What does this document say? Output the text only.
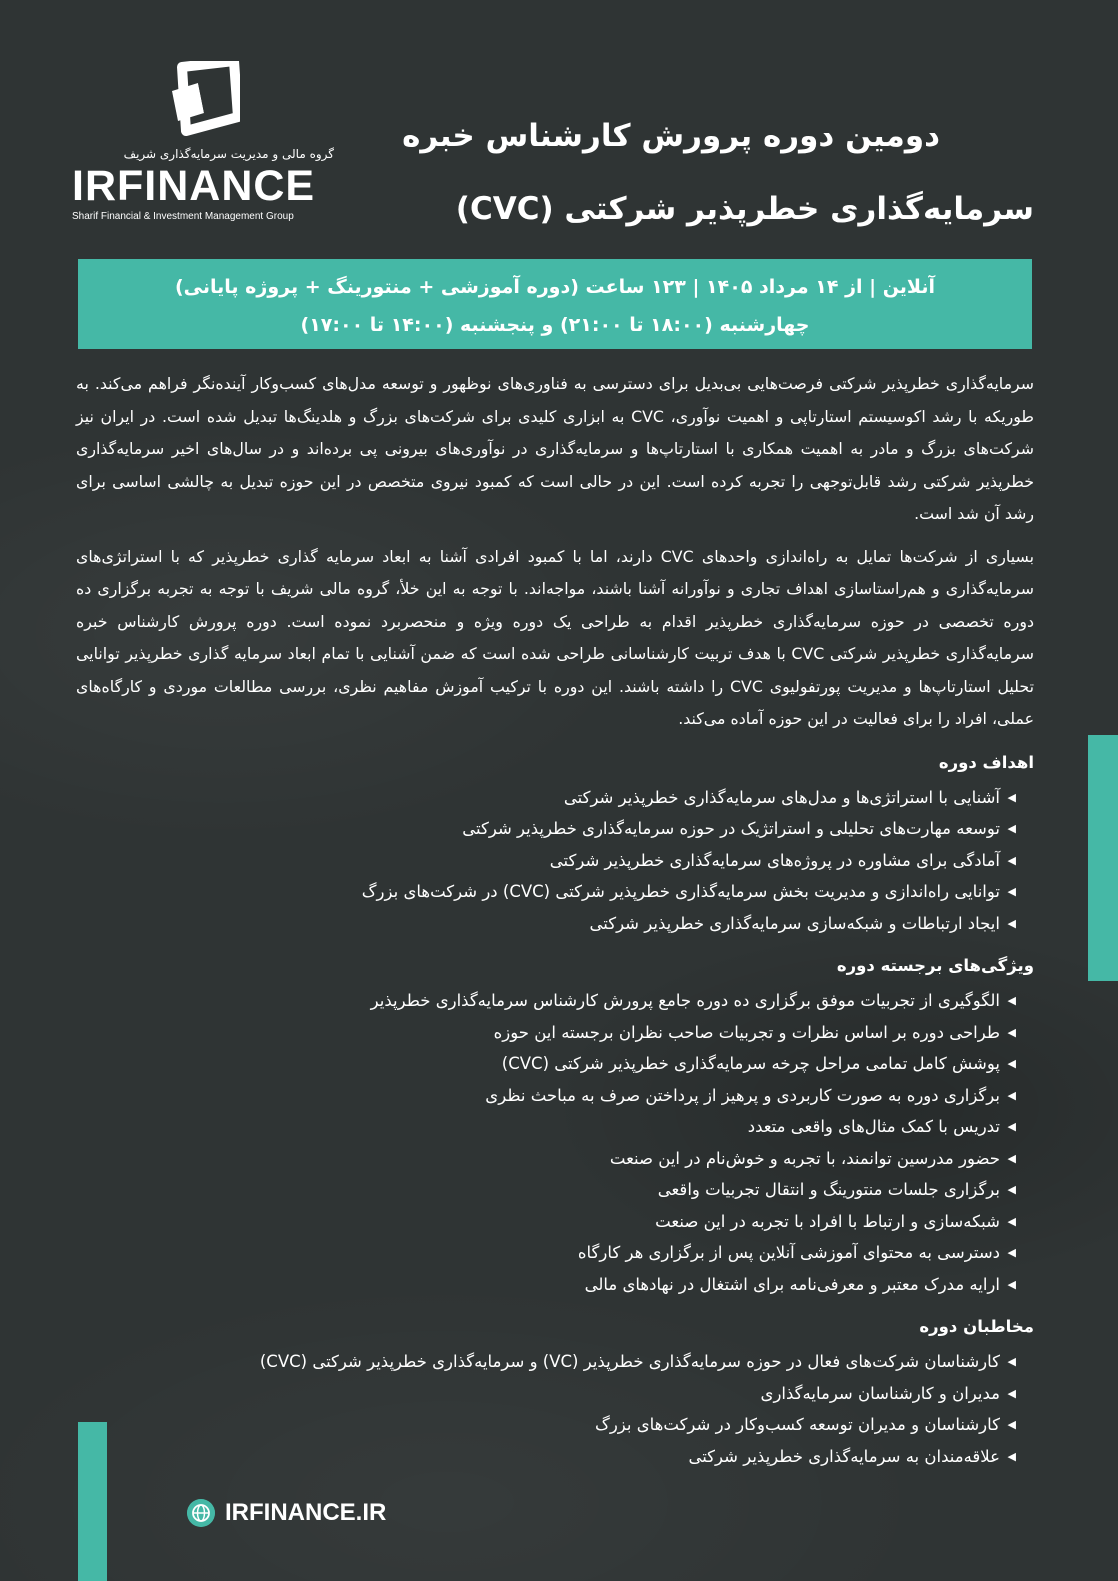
گروه مالی و مدیریت سرمایه‌گذاری شریف
IRFINANCE
Sharif Financial & Investment Management Group
دومین دوره پرورش کارشناس خبره
سرمایه‌گذاری خطرپذیر شرکتی (CVC)
آنلاین | از ۱۴ مرداد ۱۴۰۵ | ۱۲۳ ساعت (دوره آموزشی + منتورینگ + پروژه پایانی)
چهارشنبه (۱۸:۰۰ تا ۲۱:۰۰) و پنجشنبه (۱۴:۰۰ تا ۱۷:۰۰)

سرمایه‌گذاری خطرپذیر شرکتی فرصت‌هایی بی‌بدیل برای دسترسی به فناوری‌های نوظهور و توسعه مدل‌های کسب‌وکار آینده‌نگر فراهم می‌کند. به طوریکه با رشد اکوسیستم استارتاپی و اهمیت نوآوری، CVC به ابزاری کلیدی برای شرکت‌های بزرگ و هلدینگ‌ها تبدیل شده است. در ایران نیز شرکت‌های بزرگ و مادر به اهمیت همکاری با استارتاپ‌ها و سرمایه‌گذاری در نوآوری‌های بیرونی پی برده‌اند و در سال‌های اخیر سرمایه‌گذاری خطرپذیر شرکتی رشد قابل‌توجهی را تجربه کرده است. این در حالی است که کمبود نیروی متخصص در این حوزه تبدیل به چالشی اساسی برای رشد آن شد است.

بسیاری از شرکت‌ها تمایل به راه‌اندازی واحدهای CVC دارند، اما با کمبود افرادی آشنا به ابعاد سرمایه گذاری خطرپذیر که با استراتژی‌های سرمایه‌گذاری و هم‌راستاسازی اهداف تجاری و نوآورانه آشنا باشند، مواجه‌اند. با توجه به این خلأ، گروه مالی شریف با توجه به تجربه برگزاری ده دوره تخصصی در حوزه سرمایه‌گذاری خطرپذیر اقدام به طراحی یک دوره ویژه و منحصربرد نموده است. دوره پرورش کارشناس خبره سرمایه‌گذاری خطرپذیر شرکتی CVC با هدف تربیت کارشناسانی طراحی شده است که ضمن آشنایی با تمام ابعاد سرمایه گذاری خطرپذیر توانایی تحلیل استارتاپ‌ها و مدیریت پورتفولیوی CVC را داشته باشند. این دوره با ترکیب آموزش مفاهیم نظری، بررسی مطالعات موردی و کارگاه‌های عملی، افراد را برای فعالیت در این حوزه آماده می‌کند.

اهداف دوره
◀
آشنایی با استراتژی‌ها و مدل‌های سرمایه‌گذاری خطرپذیر شرکتی
◀
توسعه مهارت‌های تحلیلی و استراتژیک در حوزه سرمایه‌گذاری خطرپذیر شرکتی
◀
آمادگی برای مشاوره در پروژه‌های سرمایه‌گذاری خطرپذیر شرکتی
◀
توانایی راه‌اندازی و مدیریت بخش سرمایه‌گذاری خطرپذیر شرکتی (CVC) در شرکت‌های بزرگ
◀
ایجاد ارتباطات و شبکه‌سازی سرمایه‌گذاری خطرپذیر شرکتی
ویژگی‌های برجسته دوره
◀
الگوگیری از تجربیات موفق برگزاری ده دوره جامع پرورش کارشناس سرمایه‌گذاری خطرپذیر
◀
طراحی دوره بر اساس نظرات و تجربیات صاحب نظران برجسته این حوزه
◀
پوشش کامل تمامی مراحل چرخه سرمایه‌گذاری خطرپذیر شرکتی (CVC)
◀
برگزاری دوره به صورت کاربردی و پرهیز از پرداختن صرف به مباحث نظری
◀
تدریس با کمک مثال‌های واقعی متعدد
◀
حضور مدرسین توانمند، با تجربه و خوش‌نام در این صنعت
◀
برگزاری جلسات منتورینگ و انتقال تجربیات واقعی
◀
شبکه‌سازی و ارتباط با افراد با تجربه در این صنعت
◀
دسترسی به محتوای آموزشی آنلاین پس از برگزاری هر کارگاه
◀
ارایه مدرک معتبر و معرفی‌نامه برای اشتغال در نهادهای مالی
مخاطبان دوره
◀
کارشناسان شرکت‌های فعال در حوزه سرمایه‌گذاری خطرپذیر (VC) و سرمایه‌گذاری خطرپذیر شرکتی (CVC)
◀
مدیران و کارشناسان سرمایه‌گذاری
◀
کارشناسان و مدیران توسعه کسب‌وکار در شرکت‌های بزرگ
◀
علاقه‌مندان به سرمایه‌گذاری خطرپذیر شرکتی
IRFINANCE.IR
